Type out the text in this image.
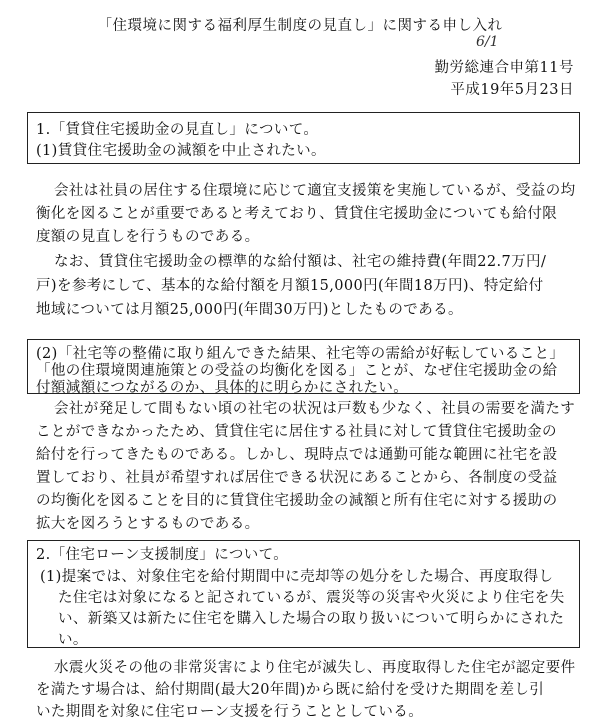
「住環境に関する福利厚生制度の見直し」に関する申し入れ
6/1
勤労総連合申第11号
平成19年5月23日
1.「賃貸住宅援助金の見直し」について。
(1)賃貸住宅援助金の減額を中止されたい。
会社は社員の居住する住環境に応じて適宜支援策を実施しているが、受益の均
衡化を図ることが重要であると考えており、賃貸住宅援助金についても給付限
度額の見直しを行うものである。
なお、賃貸住宅援助金の標準的な給付額は、社宅の維持費(年間22.7万円/
戸)を参考にして、基本的な給付額を月額15,000円(年間18万円)、特定給付
地域については月額25,000円(年間30万円)としたものである。
(2)「社宅等の整備に取り組んできた結果、社宅等の需給が好転していること」
「他の住環境関連施策との受益の均衡化を図る」ことが、なぜ住宅援助金の給
付額減額につながるのか、具体的に明らかにされたい。
会社が発足して間もない頃の社宅の状況は戸数も少なく、社員の需要を満たす
ことができなかったため、賃貸住宅に居住する社員に対して賃貸住宅援助金の
給付を行ってきたものである。しかし、現時点では通勤可能な範囲に社宅を設
置しており、社員が希望すれば居住できる状況にあることから、各制度の受益
の均衡化を図ることを目的に賃貸住宅援助金の減額と所有住宅に対する援助の
拡大を図ろうとするものである。
2.「住宅ローン支援制度」について。
(1)提案では、対象住宅を給付期間中に売却等の処分をした場合、再度取得し
た住宅は対象になると記されているが、震災等の災害や火災により住宅を失
い、新築又は新たに住宅を購入した場合の取り扱いについて明らかにされた
い。
水震火災その他の非常災害により住宅が滅失し、再度取得した住宅が認定要件
を満たす場合は、給付期間(最大20年間)から既に給付を受けた期間を差し引
いた期間を対象に住宅ローン支援を行うこととしている。
